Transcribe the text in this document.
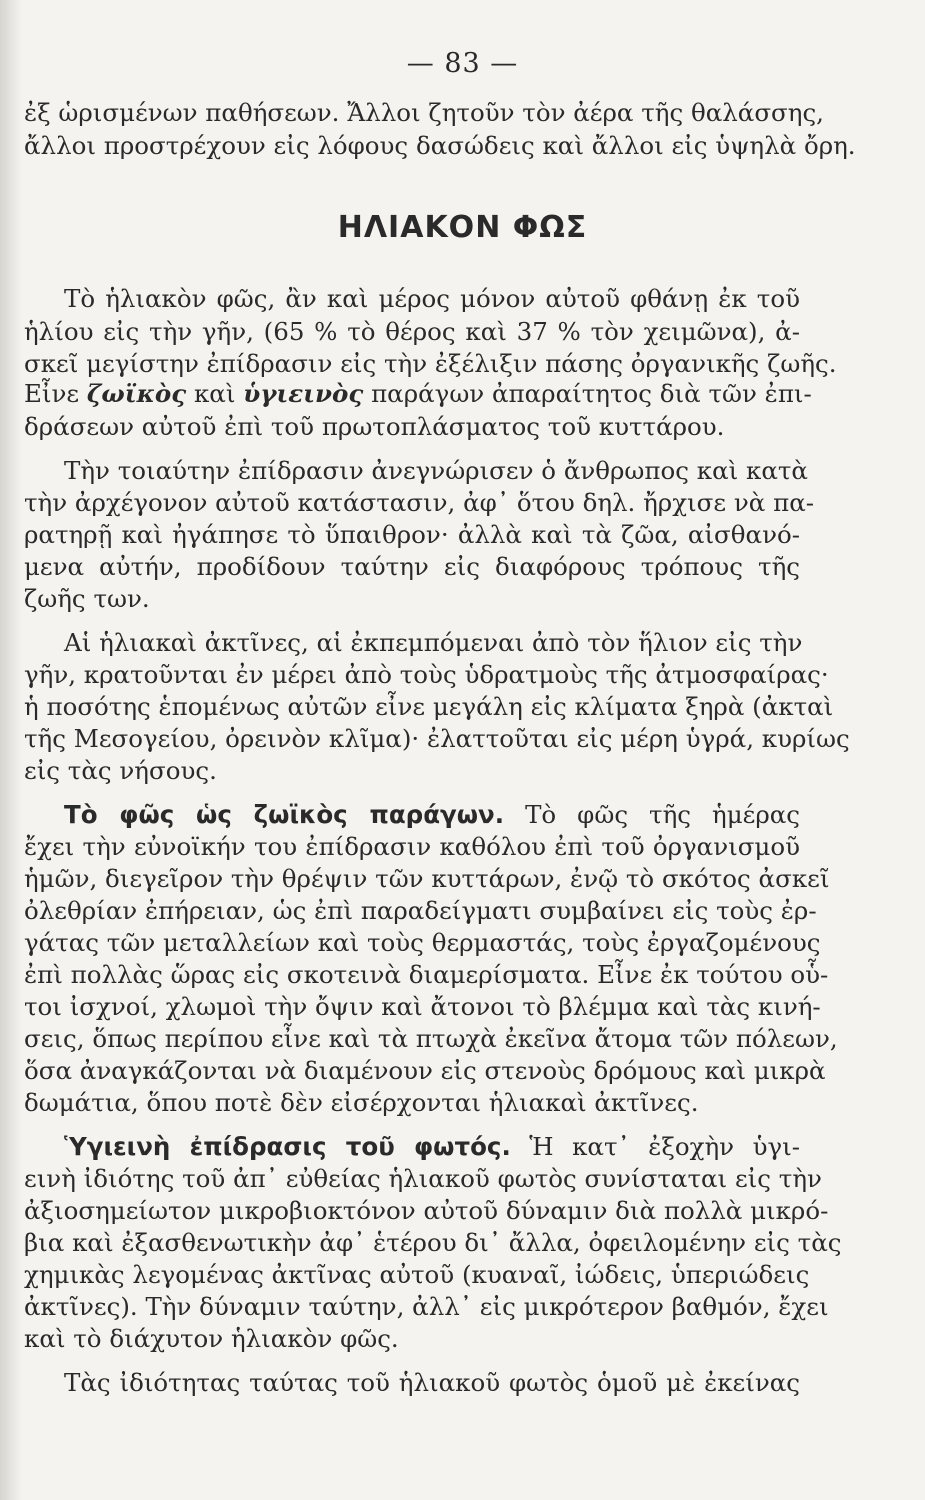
— 83 —
ΗΛΙΑΚΟΝ ΦΩΣ
ἐξ ὡρισμένων παθήσεων. Ἄλλοι ζητοῦν τὸν ἀέρα τῆς θαλάσσης,
ἄλλοι προστρέχουν εἰς λόφους δασώδεις καὶ ἄλλοι εἰς ὑψηλὰ ὄρη.
Τὸ ἡλιακὸν φῶς, ἂν καὶ μέρος μόνον αὐτοῦ φθάνῃ ἐκ τοῦ
ἡλίου εἰς τὴν γῆν, (65 % τὸ θέρος καὶ 37 % τὸν χειμῶνα), ἀ-
σκεῖ μεγίστην ἐπίδρασιν εἰς τὴν ἐξέλιξιν πάσης ὀργανικῆς ζωῆς.
Εἶνε ζωϊκὸς καὶ ὑγιεινὸς παράγων ἀπαραίτητος διὰ τῶν ἐπι-
δράσεων αὐτοῦ ἐπὶ τοῦ πρωτοπλάσματος τοῦ κυττάρου.
Τὴν τοιαύτην ἐπίδρασιν ἀνεγνώρισεν ὁ ἄνθρωπος καὶ κατὰ
τὴν ἀρχέγονον αὐτοῦ κατάστασιν, ἀφ᾿ ὅτου δηλ. ἤρχισε νὰ πα-
ρατηρῇ καὶ ἠγάπησε τὸ ὕπαιθρον· ἀλλὰ καὶ τὰ ζῶα, αἰσθανό-
μενα αὐτήν, προδίδουν ταύτην εἰς διαφόρους τρόπους τῆς
ζωῆς των.
Αἱ ἡλιακαὶ ἀκτῖνες, αἱ ἐκπεμπόμεναι ἀπὸ τὸν ἥλιον εἰς τὴν
γῆν, κρατοῦνται ἐν μέρει ἀπὸ τοὺς ὑδρατμοὺς τῆς ἀτμοσφαίρας·
ἡ ποσότης ἑπομένως αὐτῶν εἶνε μεγάλη εἰς κλίματα ξηρὰ (ἀκταὶ
τῆς Μεσογείου, ὀρεινὸν κλῖμα)· ἐλαττοῦται εἰς μέρη ὑγρά, κυρίως
εἰς τὰς νήσους.
Τὸ φῶς ὡς ζωϊκὸς παράγων. Τὸ φῶς τῆς ἡμέρας
ἔχει τὴν εὐνοϊκήν του ἐπίδρασιν καθόλου ἐπὶ τοῦ ὀργανισμοῦ
ἡμῶν, διεγεῖρον τὴν θρέψιν τῶν κυττάρων, ἐνῷ τὸ σκότος ἀσκεῖ
ὀλεθρίαν ἐπήρειαν, ὡς ἐπὶ παραδείγματι συμβαίνει εἰς τοὺς ἐρ-
γάτας τῶν μεταλλείων καὶ τοὺς θερμαστάς, τοὺς ἐργαζομένους
ἐπὶ πολλὰς ὥρας εἰς σκοτεινὰ διαμερίσματα. Εἶνε ἐκ τούτου οὗ-
τοι ἰσχνοί, χλωμοὶ τὴν ὄψιν καὶ ἄτονοι τὸ βλέμμα καὶ τὰς κινή-
σεις, ὅπως περίπου εἶνε καὶ τὰ πτωχὰ ἐκεῖνα ἄτομα τῶν πόλεων,
ὅσα ἀναγκάζονται νὰ διαμένουν εἰς στενοὺς δρόμους καὶ μικρὰ
δωμάτια, ὅπου ποτὲ δὲν εἰσέρχονται ἡλιακαὶ ἀκτῖνες.
Ὑγιεινὴ ἐπίδρασις τοῦ φωτός. Ἡ κατ᾿ ἐξοχὴν ὑγι-
εινὴ ἰδιότης τοῦ ἀπ᾿ εὐθείας ἡλιακοῦ φωτὸς συνίσταται εἰς τὴν
ἀξιοσημείωτον μικροβιοκτόνον αὐτοῦ δύναμιν διὰ πολλὰ μικρό-
βια καὶ ἐξασθενωτικὴν ἀφ᾿ ἑτέρου δι᾿ ἄλλα, ὀφειλομένην εἰς τὰς
χημικὰς λεγομένας ἀκτῖνας αὐτοῦ (κυαναῖ, ἰώδεις, ὑπεριώδεις
ἀκτῖνες). Τὴν δύναμιν ταύτην, ἀλλ᾿ εἰς μικρότερον βαθμόν, ἔχει
καὶ τὸ διάχυτον ἡλιακὸν φῶς.
Τὰς ἰδιότητας ταύτας τοῦ ἡλιακοῦ φωτὸς ὁμοῦ μὲ ἐκείνας
